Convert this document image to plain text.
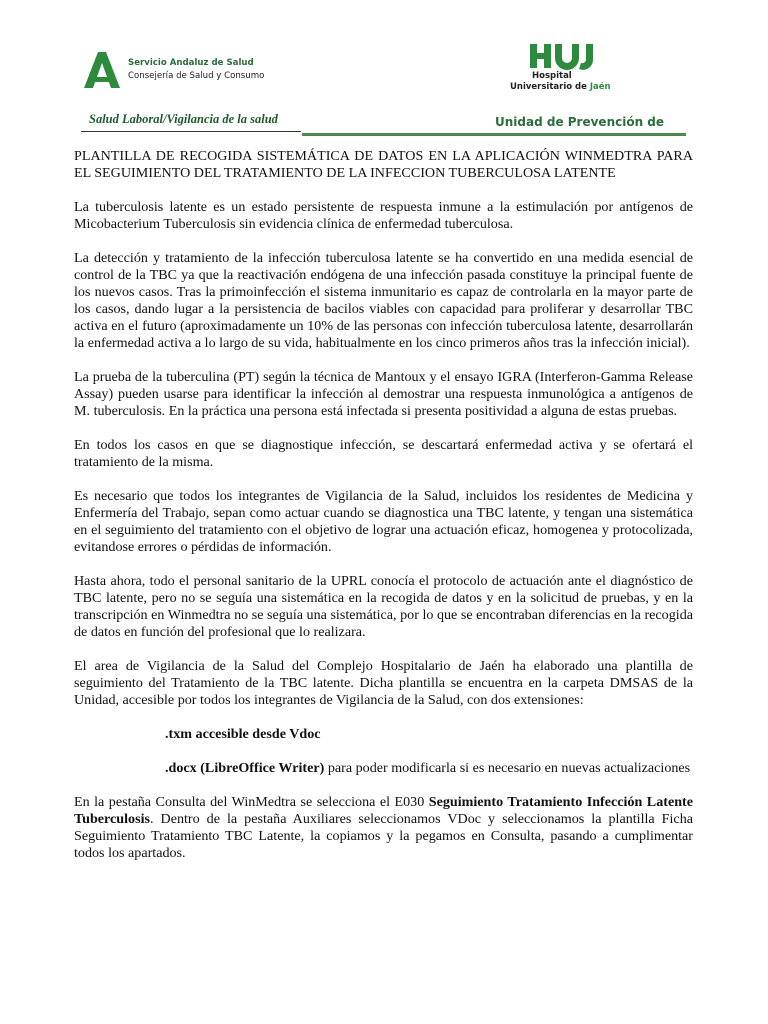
Servicio Andaluz de Salud
Consejería de Salud y Consumo	Hospital
Universitario de Jaén
Salud Laboral/Vigilancia de la salud	Unidad de Prevención de

PLANTILLA DE RECOGIDA SISTEMÁTICA DE DATOS EN LA APLICACIÓN WINMEDTRA PARA EL SEGUIMIENTO DEL TRATAMIENTO DE LA INFECCION TUBERCULOSA LATENTE

La tuberculosis latente es un estado persistente de respuesta inmune a la estimulación por antígenos de Micobacterium Tuberculosis sin evidencia clínica de enfermedad tuberculosa.

La detección y tratamiento de la infección tuberculosa latente se ha convertido en una medida esencial de control de la TBC ya que la reactivación endógena de una infección pasada constituye la principal fuente de los nuevos casos. Tras la primoinfección el sistema inmunitario es capaz de controlarla en la mayor parte de los casos, dando lugar a la persistencia de bacilos viables con capacidad para proliferar y desarrollar TBC activa en el futuro (aproximadamente un 10% de las personas con infección tuberculosa latente, desarrollarán la enfermedad activa a lo largo de su vida, habitualmente en los cinco primeros años tras la infección inicial).

La prueba de la tuberculina (PT) según la técnica de Mantoux y el ensayo IGRA (Interferon-Gamma Release Assay) pueden usarse para identificar la infección al demostrar una respuesta inmunológica a antígenos de M. tuberculosis. En la práctica una persona está infectada si presenta positividad a alguna de estas pruebas.

En todos los casos en que se diagnostique infección, se descartará enfermedad activa y se ofertará el tratamiento de la misma.

Es necesario que todos los integrantes de Vigilancia de la Salud, incluidos los residentes de Medicina y Enfermería del Trabajo, sepan como actuar cuando se diagnostica una TBC latente, y tengan una sistemática en el seguimiento del tratamiento con el objetivo de lograr una actuación eficaz, homogenea y protocolizada, evitandose errores o pérdidas de información.

Hasta ahora, todo el personal sanitario de la UPRL conocía el protocolo de actuación ante el diagnóstico de TBC latente, pero no se seguía una sistemática en la recogida de datos y en la solicitud de pruebas, y en la transcripción en Winmedtra no se seguía una sistemática, por lo que se encontraban diferencias en la recogida de datos en función del profesional que lo realizara.

El area de Vigilancia de la Salud del Complejo Hospitalario de Jaén ha elaborado una plantilla de seguimiento del Tratamiento de la TBC latente. Dicha plantilla se encuentra en la carpeta DMSAS de la Unidad, accesible por todos los integrantes de Vigilancia de la Salud, con dos extensiones:

.txm accesible desde Vdoc

.docx (LibreOffice Writer) para poder modificarla si es necesario en nuevas actualizaciones

En la pestaña Consulta del WinMedtra se selecciona el E030 Seguimiento Tratamiento Infección Latente Tuberculosis. Dentro de la pestaña Auxiliares seleccionamos VDoc y seleccionamos la plantilla Ficha Seguimiento Tratamiento TBC Latente, la copiamos y la pegamos en Consulta, pasando a cumplimentar todos los apartados.
